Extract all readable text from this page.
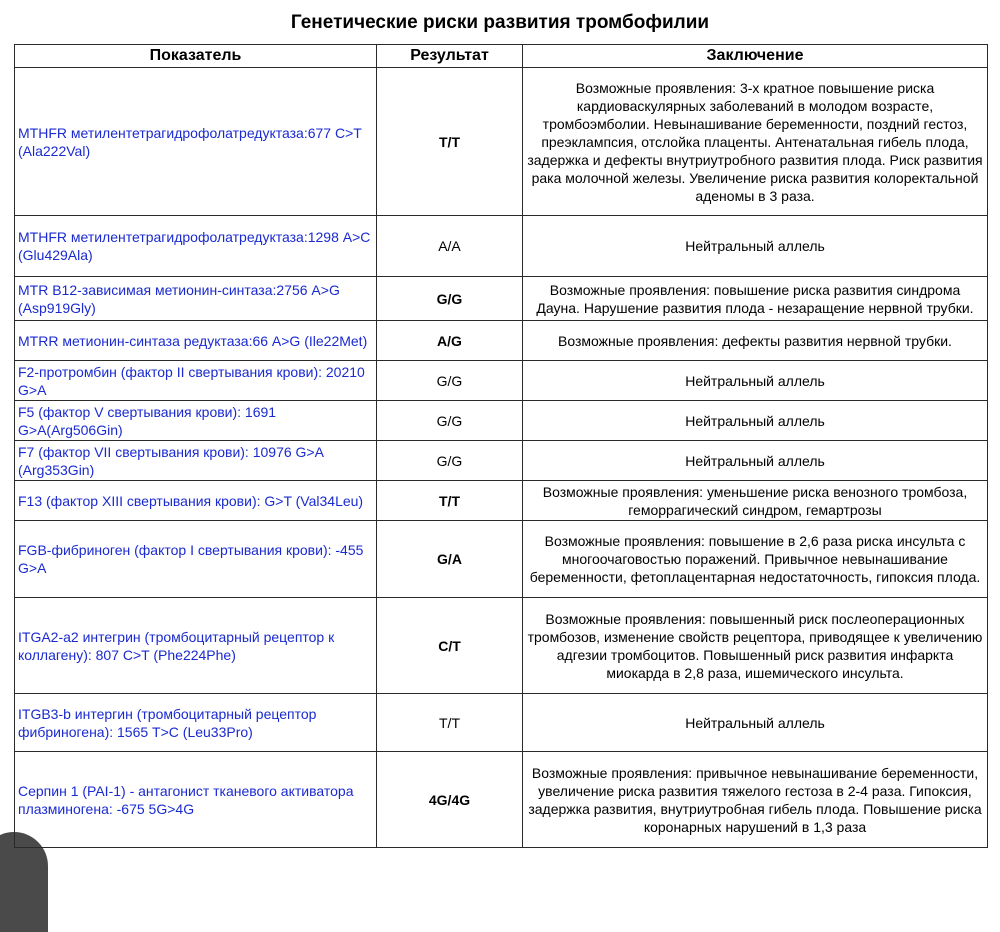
Генетические риски развития тромбофилии
Показатель	Результат	Заключение
MTHFR метилентетрагидрофолатредуктаза:677 C>T (Ala222Val)	T/T	Возможные проявления: 3-х кратное повышение риска кардиоваскулярных заболеваний в молодом возрасте, тромбоэмболии. Невынашивание беременности, поздний гестоз, преэклампсия, отслойка плаценты. Антенатальная гибель плода, задержка и дефекты внутриутробного развития плода. Риск развития рака молочной железы. Увеличение риска развития колоректальной аденомы в 3 раза.
MTHFR метилентетрагидрофолатредуктаза:1298 A>C (Glu429Ala)	A/A	Нейтральный аллель
MTR B12-зависимая метионин-синтаза:2756 A>G (Asp919Gly)	G/G	Возможные проявления: повышение риска развития синдрома Дауна. Нарушение развития плода - незаращение нервной трубки.
MTRR метионин-синтаза редуктаза:66 A>G (Ile22Met)	A/G	Возможные проявления: дефекты развития нервной трубки.
F2-протромбин (фактор II свертывания крови): 20210 G>A	G/G	Нейтральный аллель
F5 (фактор V свертывания крови): 1691 G>A(Arg506Gin)	G/G	Нейтральный аллель
F7 (фактор VII свертывания крови): 10976 G>A (Arg353Gin)	G/G	Нейтральный аллель
F13 (фактор XIII свертывания крови): G>T (Val34Leu)	T/T	Возможные проявления: уменьшение риска венозного тромбоза, геморрагический синдром, гемартрозы
FGB-фибриноген (фактор I свертывания крови): -455 G>A	G/A	Возможные проявления: повышение в 2,6 раза риска инсульта с многоочаговостью поражений. Привычное невынашивание беременности, фетоплацентарная недостаточность, гипоксия плода.
ITGA2-a2 интегрин (тромбоцитарный рецептор к коллагену): 807 C>T (Phe224Phe)	C/T	Возможные проявления: повышенный риск послеоперационных тромбозов, изменение свойств рецептора, приводящее к увеличению адгезии тромбоцитов. Повышенный риск развития инфаркта миокарда в 2,8 раза, ишемического инсульта.
ITGB3-b интергин (тромбоцитарный рецептор фибриногена): 1565 T>C (Leu33Pro)	T/T	Нейтральный аллель
Серпин 1 (PAI-1) - антагонист тканевого активатора плазминогена: -675 5G>4G	4G/4G	Возможные проявления: привычное невынашивание беременности, увеличение риска развития тяжелого гестоза в 2-4 раза. Гипоксия, задержка развития, внутриутробная гибель плода. Повышение риска коронарных нарушений в 1,3 раза
